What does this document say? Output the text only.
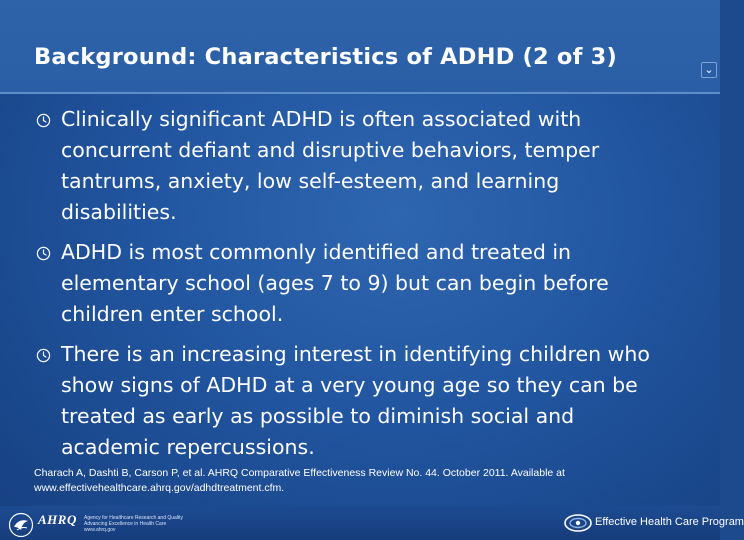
Background: Characteristics of ADHD (2 of 3)	⌄
Clinically significant ADHD is often associated with concurrent defiant and disruptive behaviors, temper tantrums, anxiety, low self-esteem, and learning disabilities.
ADHD is most commonly identified and treated in elementary school (ages 7 to 9) but can begin before children enter school.
There is an increasing interest in identifying children who show signs of ADHD at a very young age so they can be treated as early as possible to diminish social and academic repercussions.
Charach A, Dashti B, Carson P, et al. AHRQ Comparative Effectiveness Review No. 44. October 2011. Available at www.effectivehealthcare.ahrq.gov/adhdtreatment.cfm.
AHRQ Agency for Healthcare Research and Quality
Advancing Excellence in Health Care
www.ahrq.gov
Effective Health Care Program
